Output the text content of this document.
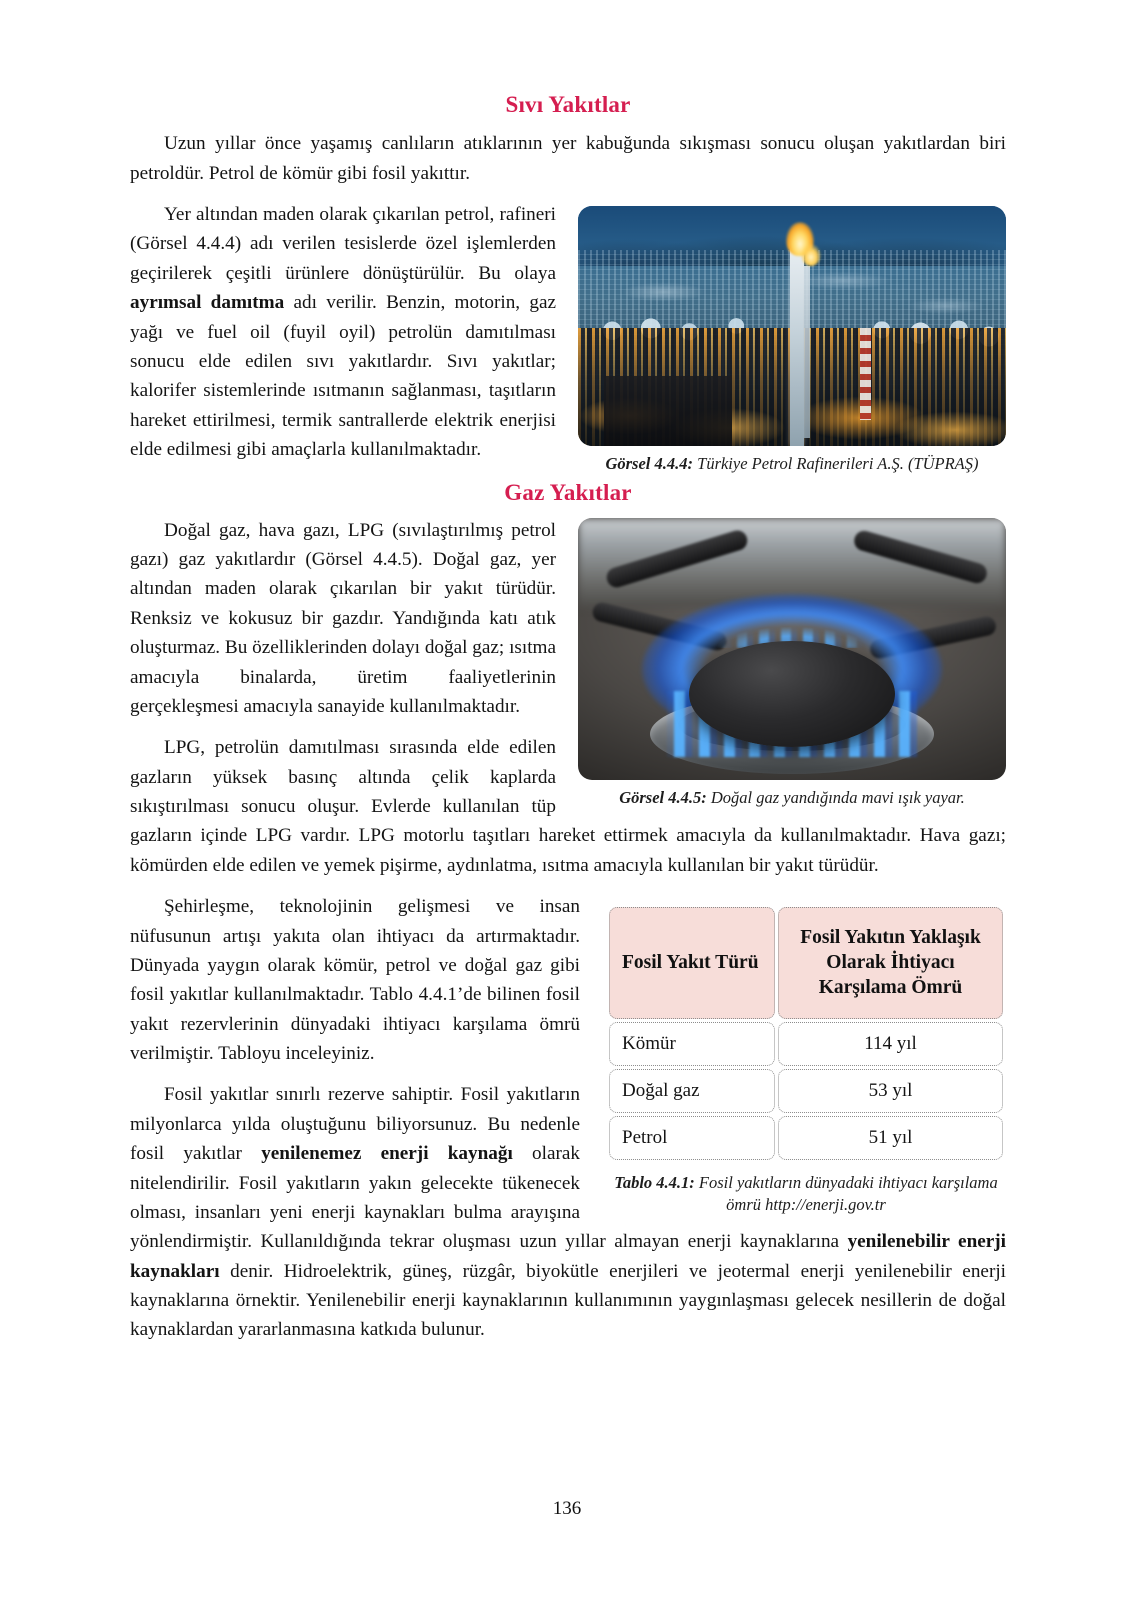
Sıvı Yakıtlar

Uzun yıllar önce yaşamış canlıların atıklarının yer kabuğunda sıkışması sonucu oluşan yakıtlardan biri petroldür. Petrol de kömür gibi fosil yakıttır.

Görsel 4.4.4: Türkiye Petrol Rafinerileri A.Ş. (TÜPRAŞ)

Yer altından maden olarak çıkarılan petrol, rafineri (Görsel 4.4.4) adı verilen tesislerde özel işlemlerden geçirilerek çeşitli ürünlere dönüştürülür. Bu olaya ayrımsal damıtma adı verilir. Benzin, motorin, gaz yağı ve fuel oil (fuyil oyil) petrolün damıtılması sonucu elde edilen sıvı yakıtlardır. Sıvı yakıtlar; kalorifer sistemlerinde ısıtmanın sağlanması, taşıtların hareket ettirilmesi, termik santrallerde elektrik enerjisi elde edilmesi gibi amaçlarla kullanılmaktadır.

Gaz Yakıtlar
Görsel 4.4.5: Doğal gaz yandığında mavi ışık yayar.

Doğal gaz, hava gazı, LPG (sıvılaştırılmış petrol gazı) gaz yakıtlardır (Görsel 4.4.5). Doğal gaz, yer altından maden olarak çıkarılan bir yakıt türüdür. Renksiz ve kokusuz bir gazdır. Yandığında katı atık oluşturmaz. Bu özelliklerinden dolayı doğal gaz; ısıtma amacıyla binalarda, üretim faaliyetlerinin gerçekleşmesi amacıyla sanayide kullanılmaktadır.

LPG, petrolün damıtılması sırasında elde edilen gazların yüksek basınç altında çelik kaplarda sıkıştırılması sonucu oluşur. Evlerde kullanılan tüp gazların içinde LPG vardır. LPG motorlu taşıtları hareket ettirmek amacıyla da kullanılmaktadır. Hava gazı; kömürden elde edilen ve yemek pişirme, aydınlatma, ısıtma amacıyla kullanılan bir yakıt türüdür.

Fosil Yakıt Türü	Fosil Yakıtın Yaklaşık Olarak İhtiyacı Karşılama Ömrü
Kömür	114 yıl
Doğal gaz	53 yıl
Petrol	51 yıl
Tablo 4.4.1: Fosil yakıtların dünyadaki ihtiyacı karşılama ömrü http://enerji.gov.tr

Şehirleşme, teknolojinin gelişmesi ve insan nüfusunun artışı yakıta olan ihtiyacı da artırmaktadır. Dünyada yaygın olarak kömür, petrol ve doğal gaz gibi fosil yakıtlar kullanılmaktadır. Tablo 4.4.1’de bilinen fosil yakıt rezervlerinin dünyadaki ihtiyacı karşılama ömrü verilmiştir. Tabloyu inceleyiniz.

Fosil yakıtlar sınırlı rezerve sahiptir. Fosil yakıtların milyonlarca yılda oluştuğunu biliyorsunuz. Bu nedenle fosil yakıtlar yenilenemez enerji kaynağı olarak nitelendirilir. Fosil yakıtların yakın gelecekte tükenecek olması, insanları yeni enerji kaynakları bulma arayışına yönlendirmiştir. Kullanıldığında tekrar oluşması uzun yıllar almayan enerji kaynaklarına yenilenebilir enerji kaynakları denir. Hidroelektrik, güneş, rüzgâr, biyokütle enerjileri ve jeotermal enerji yenilenebilir enerji kaynaklarına örnektir. Yenilenebilir enerji kaynaklarının kullanımının yaygınlaşması gelecek nesillerin de doğal kaynaklardan yararlanmasına katkıda bulunur.

136
